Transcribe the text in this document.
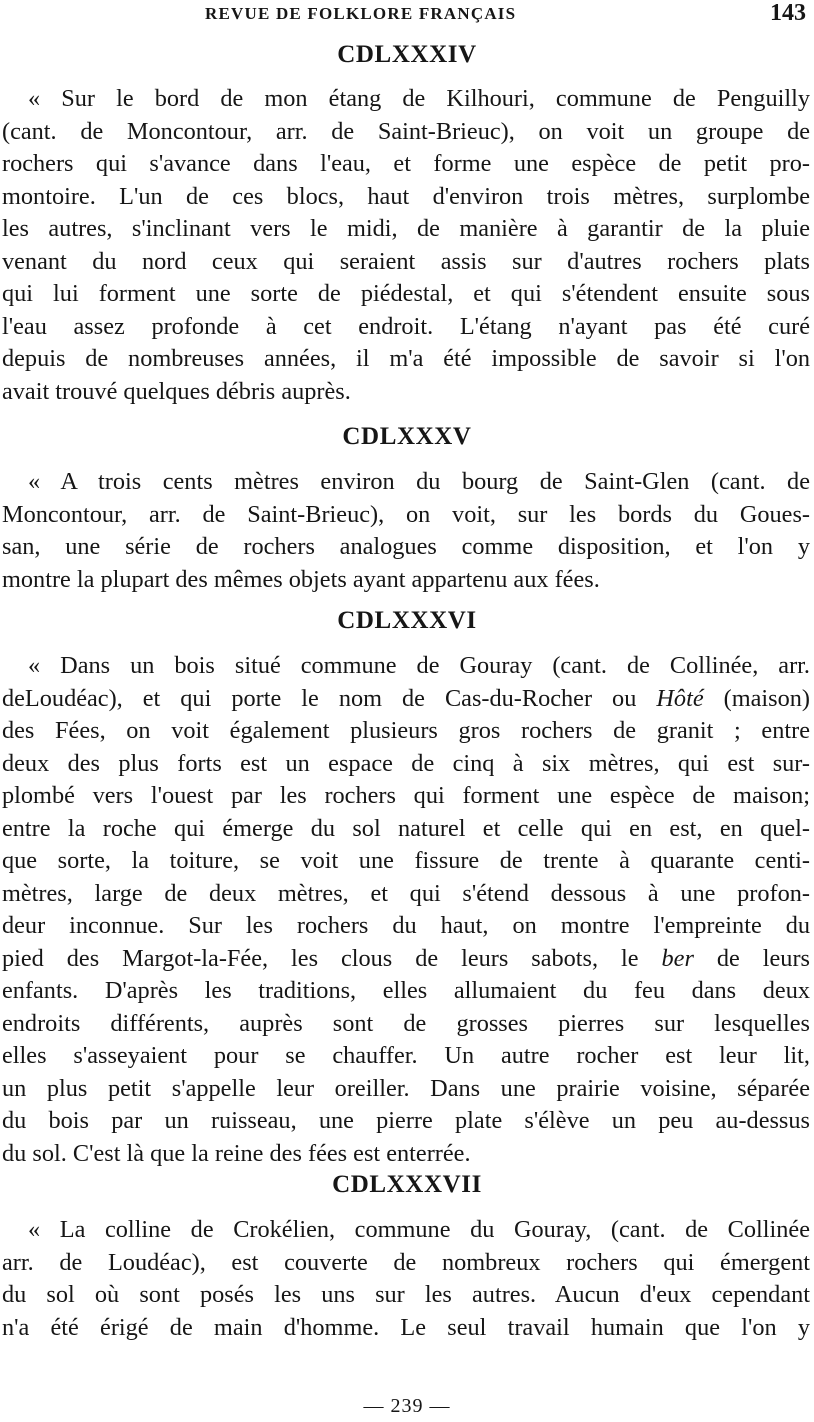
REVUE DE FOLKLORE FRANÇAIS	143
CDLXXXIV
« Sur le bord de mon étang de Kilhouri, commune de Penguilly
(cant. de Moncontour, arr. de Saint-Brieuc), on voit un groupe de
rochers qui s'avance dans l'eau, et forme une espèce de petit pro-
montoire. L'un de ces blocs, haut d'environ trois mètres, surplombe
les autres, s'inclinant vers le midi, de manière à garantir de la pluie
venant du nord ceux qui seraient assis sur d'autres rochers plats
qui lui forment une sorte de piédestal, et qui s'étendent ensuite sous
l'eau assez profonde à cet endroit. L'étang n'ayant pas été curé
depuis de nombreuses années, il m'a été impossible de savoir si l'on
avait trouvé quelques débris auprès.
CDLXXXV
« A trois cents mètres environ du bourg de Saint-Glen (cant. de
Moncontour, arr. de Saint-Brieuc), on voit, sur les bords du Goues-
san, une série de rochers analogues comme disposition, et l'on y
montre la plupart des mêmes objets ayant appartenu aux fées.
CDLXXXVI
« Dans un bois situé commune de Gouray (cant. de Collinée, arr.
deLoudéac), et qui porte le nom de Cas-du-Rocher ou Hôté (maison)
des Fées, on voit également plusieurs gros rochers de granit ; entre
deux des plus forts est un espace de cinq à six mètres, qui est sur-
plombé vers l'ouest par les rochers qui forment une espèce de maison;
entre la roche qui émerge du sol naturel et celle qui en est, en quel-
que sorte, la toiture, se voit une fissure de trente à quarante centi-
mètres, large de deux mètres, et qui s'étend dessous à une profon-
deur inconnue. Sur les rochers du haut, on montre l'empreinte du
pied des Margot-la-Fée, les clous de leurs sabots, le ber de leurs
enfants. D'après les traditions, elles allumaient du feu dans deux
endroits différents, auprès sont de grosses pierres sur lesquelles
elles s'asseyaient pour se chauffer. Un autre rocher est leur lit,
un plus petit s'appelle leur oreiller. Dans une prairie voisine, séparée
du bois par un ruisseau, une pierre plate s'élève un peu au-dessus
du sol. C'est là que la reine des fées est enterrée.
CDLXXXVII
« La colline de Crokélien, commune du Gouray, (cant. de Collinée
arr. de Loudéac), est couverte de nombreux rochers qui émergent
du sol où sont posés les uns sur les autres. Aucun d'eux cependant
n'a été érigé de main d'homme. Le seul travail humain que l'on y
— 239 —
